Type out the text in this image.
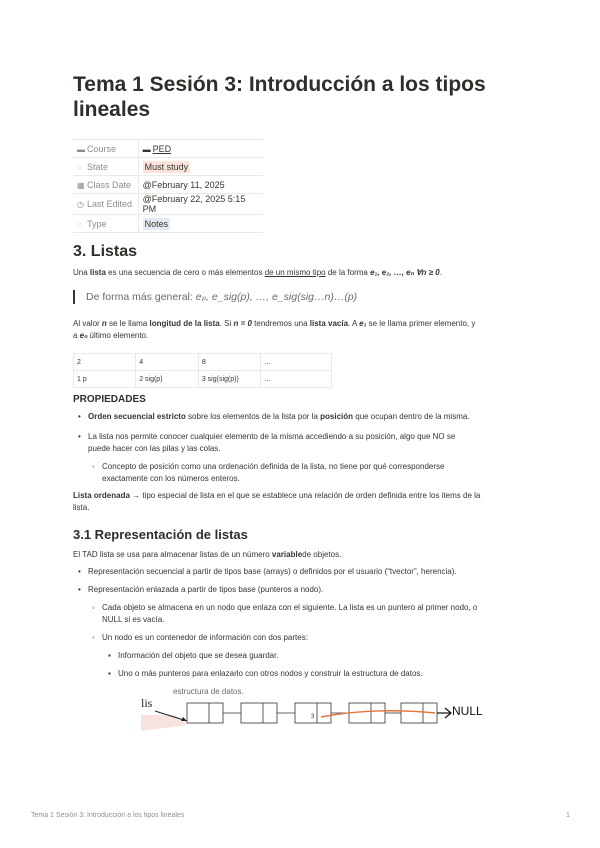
Tema 1 Sesión 3: Introducción a los tipos lineales
▬ Course	▬ PED
◌ State	Must study
▦ Class Date	@February 11, 2025
◷ Last Edited	@February 22, 2025 5:15 PM
◌ Type	Notes
3. Listas

Una lista es una secuencia de cero o más elementos de un mismo tipo de la forma e₁, e₂, …, eₙ ∀n ≥ 0.

De forma más general: eₚ, e_sig(p), …, e_sig(sig…n)…(p)

Al valor n se le llama longitud de la lista. Si n = 0 tendremos una lista vacía. A e₁ se le llama primer elemento, y
a eₙ último elemento.

2	4	8	…
1 p	2 sig(p)	3 sig(sig(p))	…
PROPIEDADES
• Orden secuencial estricto sobre los elementos de la lista por la posición que ocupan dentro de la misma.
• La lista nos permite conocer cualquier elemento de la misma accediendo a su posición, algo que NO se
puede hacer con las pilas y las colas.
◦ Concepto de posición como una ordenación definida de la lista, no tiene por qué corresponderse
exactamente con los números enteros.

Lista ordenada → tipo especial de lista en el que se establece una relación de orden definida entre los items de la
lista.

3.1 Representación de listas

El TAD lista se usa para almacenar listas de un número variablede objetos.

• Representación secuencial a partir de tipos base (arrays) o definidos por el usuario (“tvector”, herencia).
• Representación enlazada a partir de tipos base (punteros a nodo).
◦ Cada objeto se almacena en un nodo que enlaza con el siguiente. La lista es un puntero al primer nodo, o
NULL si es vacía.
◦ Un nodo es un contenedor de información con dos partes:
▪ Información del objeto que se desea guardar.
▪ Uno o más punteros para enlazarlo con otros nodos y construir la estructura de datos.
estructura de datos.
lis
3	NULL
Tema 1 Sesión 3: Introducción a los tipos lineales	1
